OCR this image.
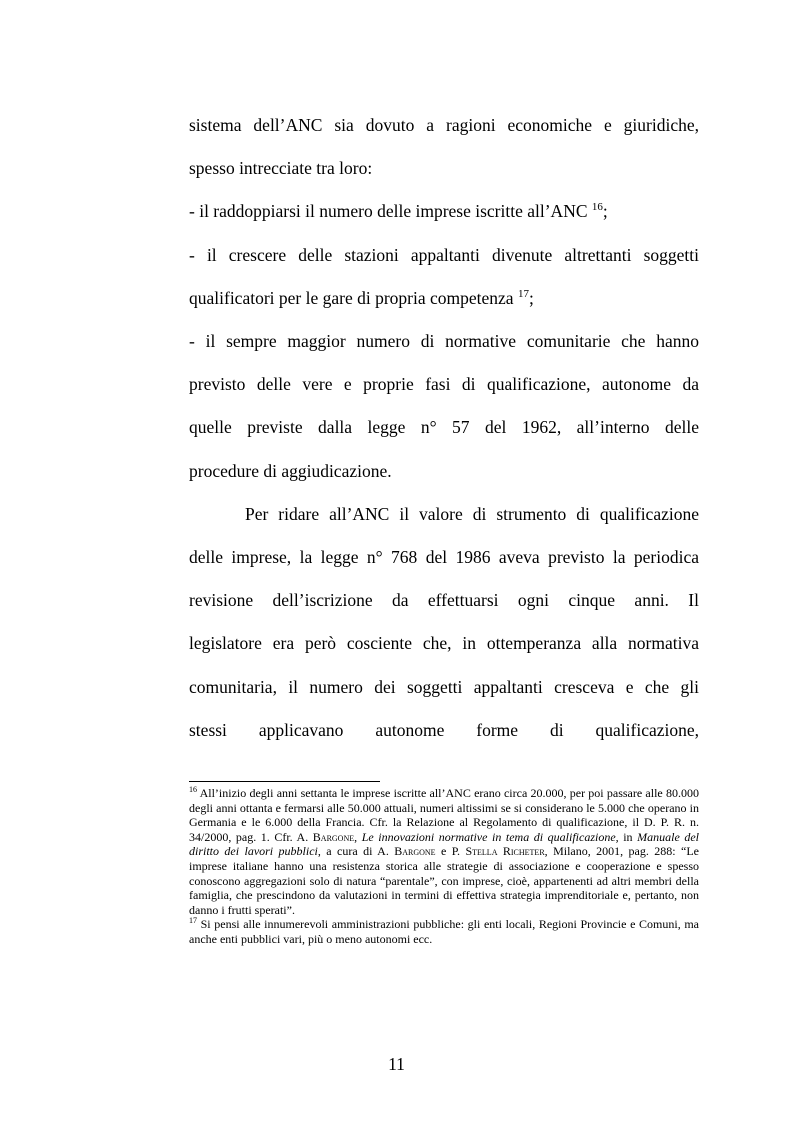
sistema dell’ANC sia dovuto a ragioni economiche e giuridiche,

spesso intrecciate tra loro:

- il raddoppiarsi il numero delle imprese iscritte all’ANC $^{16}$;

- il crescere delle stazioni appaltanti divenute altrettanti soggetti

qualificatori per le gare di propria competenza $^{17}$;

- il sempre maggior numero di normative comunitarie che hanno

previsto delle vere e proprie fasi di qualificazione, autonome da

quelle previste dalla legge n° 57 del 1962, all’interno delle

procedure di aggiudicazione.

Per ridare all’ANC il valore di strumento di qualificazione

delle imprese, la legge n° 768 del 1986 aveva previsto la periodica

revisione dell’iscrizione da effettuarsi ogni cinque anni. Il

legislatore era però cosciente che, in ottemperanza alla normativa

comunitaria, il numero dei soggetti appaltanti cresceva e che gli

stessi applicavano autonome forme di qualificazione,

$^{16}$ All’inizio degli anni settanta le imprese iscritte all’ANC erano circa 20.000, per poi passare alle 80.000 degli anni ottanta e fermarsi alle 50.000 attuali, numeri altissimi se si considerano le 5.000 che operano in Germania e le 6.000 della Francia. Cfr. la Relazione al Regolamento di qualificazione, il D. P. R. n. 34/2000, pag. 1. Cfr. A. Bargone, Le innovazioni normative in tema di qualificazione, in Manuale del diritto dei lavori pubblici, a cura di A. Bargone e P. Stella Richeter, Milano, 2001, pag. 288: “Le imprese italiane hanno una resistenza storica alle strategie di associazione e cooperazione e spesso conoscono aggregazioni solo di natura “parentale”, con imprese, cioè, appartenenti ad altri membri della famiglia, che prescindono da valutazioni in termini di effettiva strategia imprenditoriale e, pertanto, non danno i frutti sperati”.

$^{17}$ Si pensi alle innumerevoli amministrazioni pubbliche: gli enti locali, Regioni Provincie e Comuni, ma anche enti pubblici vari, più o meno autonomi ecc.

11
